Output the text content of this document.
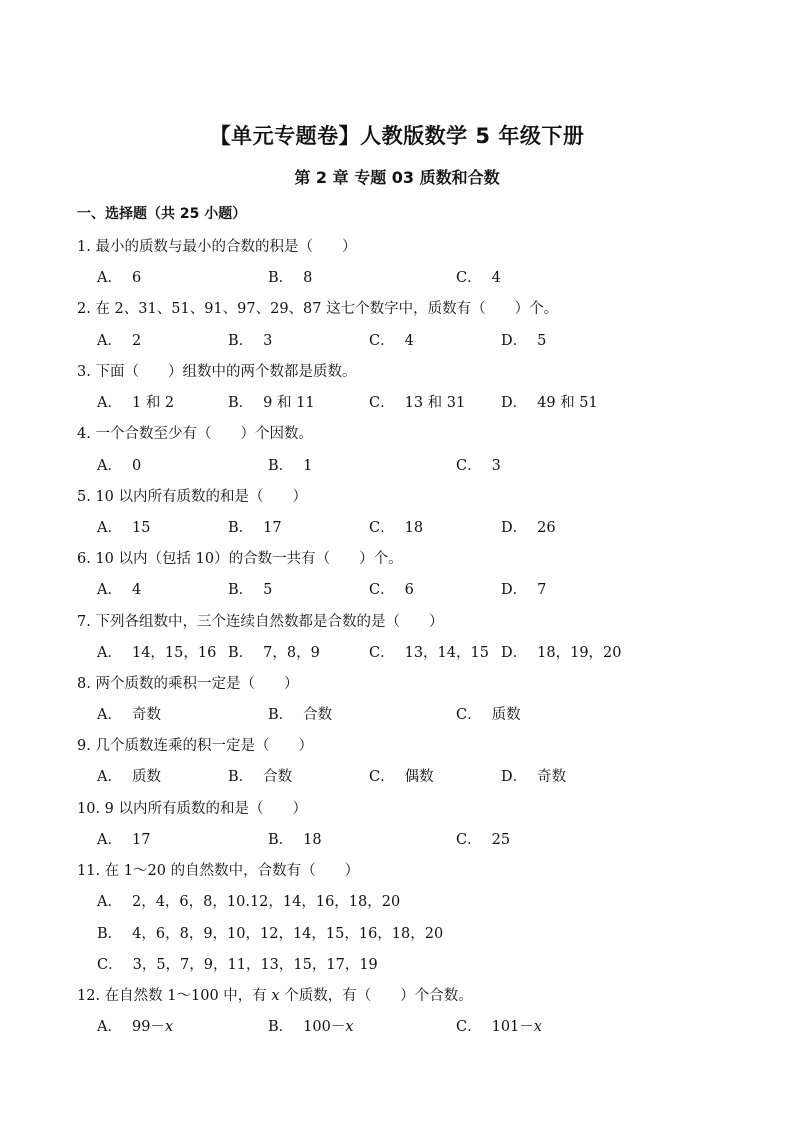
【单元专题卷】人教版数学 5 年级下册
第 2 章 专题 03 质数和合数
一、选择题（共 25 小题）
1. 最小的质数与最小的合数的积是（　　）
A． 6	B． 8	C． 4
2. 在 2、31、51、91、97、29、87 这七个数字中，质数有（　　）个。
A． 2	B． 3	C． 4	D． 5
3. 下面（　　）组数中的两个数都是质数。
A． 1 和 2	B． 9 和 11	C． 13 和 31 D． 49 和 51
4. 一个合数至少有（　　）个因数。
A． 0	B． 1	C． 3
5. 10 以内所有质数的和是（　　）
A． 15	B． 17	C． 18	D． 26
6. 10 以内（包括 10）的合数一共有（　　）个。
A． 4	B． 5	C． 6	D． 7
7. 下列各组数中，三个连续自然数都是合数的是（　　）
A． 14，15，16 B． 7，8，9	C． 13，14，15 D． 18，19，20
8. 两个质数的乘积一定是（　　）
A． 奇数	B． 合数	C． 质数
9. 几个质数连乘的积一定是（　　）
A． 质数	B． 合数	C． 偶数	D． 奇数
10. 9 以内所有质数的和是（　　）
A． 17	B． 18	C． 25
11. 在 1～20 的自然数中，合数有（　　）
A． 2，4，6，8，10.12，14，16，18，20
B． 4，6，8，9，10，12，14，15，16，18，20
C． 3，5，7，9，11，13，15，17，19
12. 在自然数 1～100 中，有 x 个质数，有（　　）个合数。
A． 99－x	B． 100－x	C． 101－x
